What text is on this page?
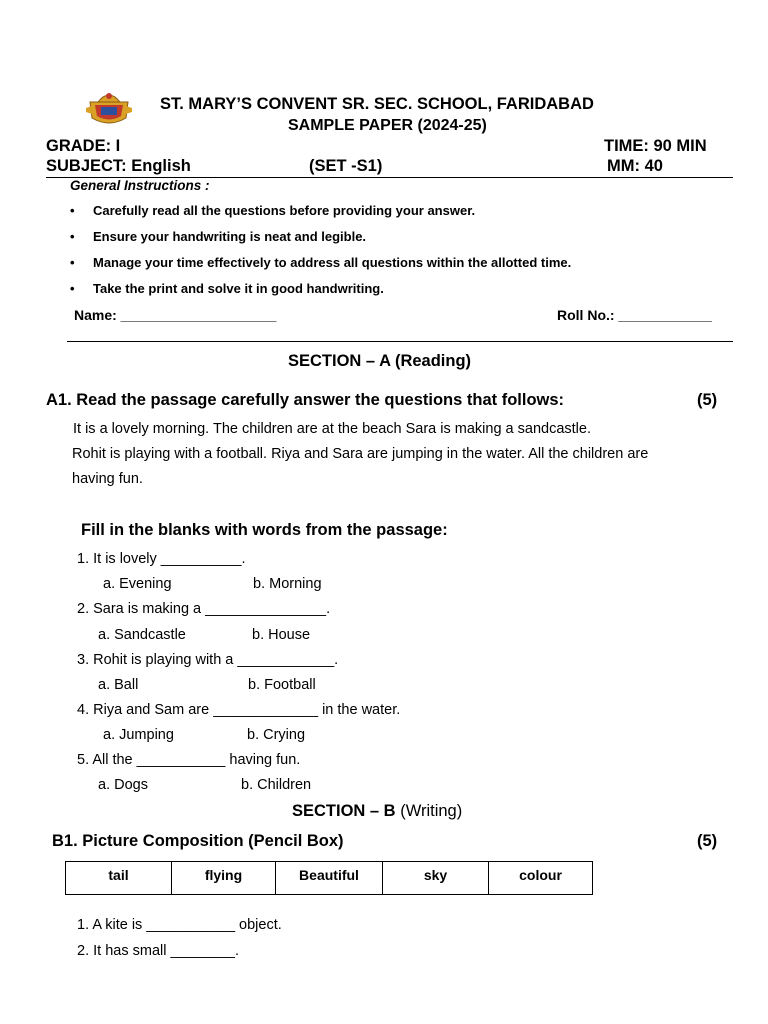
ST. MARY’S CONVENT SR. SEC. SCHOOL, FARIDABAD
SAMPLE PAPER (2024-25)
GRADE: I	TIME: 90 MIN
SUBJECT: English	(SET -S1)	MM: 40
General Instructions :
• Carefully read all the questions before providing your answer.
• Ensure your handwriting is neat and legible.
• Manage your time effectively to address all questions within the allotted time.
• Take the print and solve it in good handwriting.
Name: ____________________	Roll No.: ____________
SECTION – A (Reading)
A1. Read the passage carefully answer the questions that follows:	(5)
It is a lovely morning. The children are at the beach Sara is making a sandcastle.
Rohit is playing with a football. Riya and Sara are jumping in the water. All the children are
having fun.
Fill in the blanks with words from the passage:
1. It is lovely __________.
a. Evening	b. Morning
2. Sara is making a _______________.
a. Sandcastle	b. House
3. Rohit is playing with a ____________.
a. Ball	b. Football
4. Riya and Sam are _____________ in the water.
a. Jumping	b. Crying
5. All the ___________ having fun.
a. Dogs	b. Children
SECTION – B (Writing)
B1. Picture Composition (Pencil Box)	(5)
tail	flying	Beautiful	sky	colour
1. A kite is ___________ object.
2. It has small ________.
